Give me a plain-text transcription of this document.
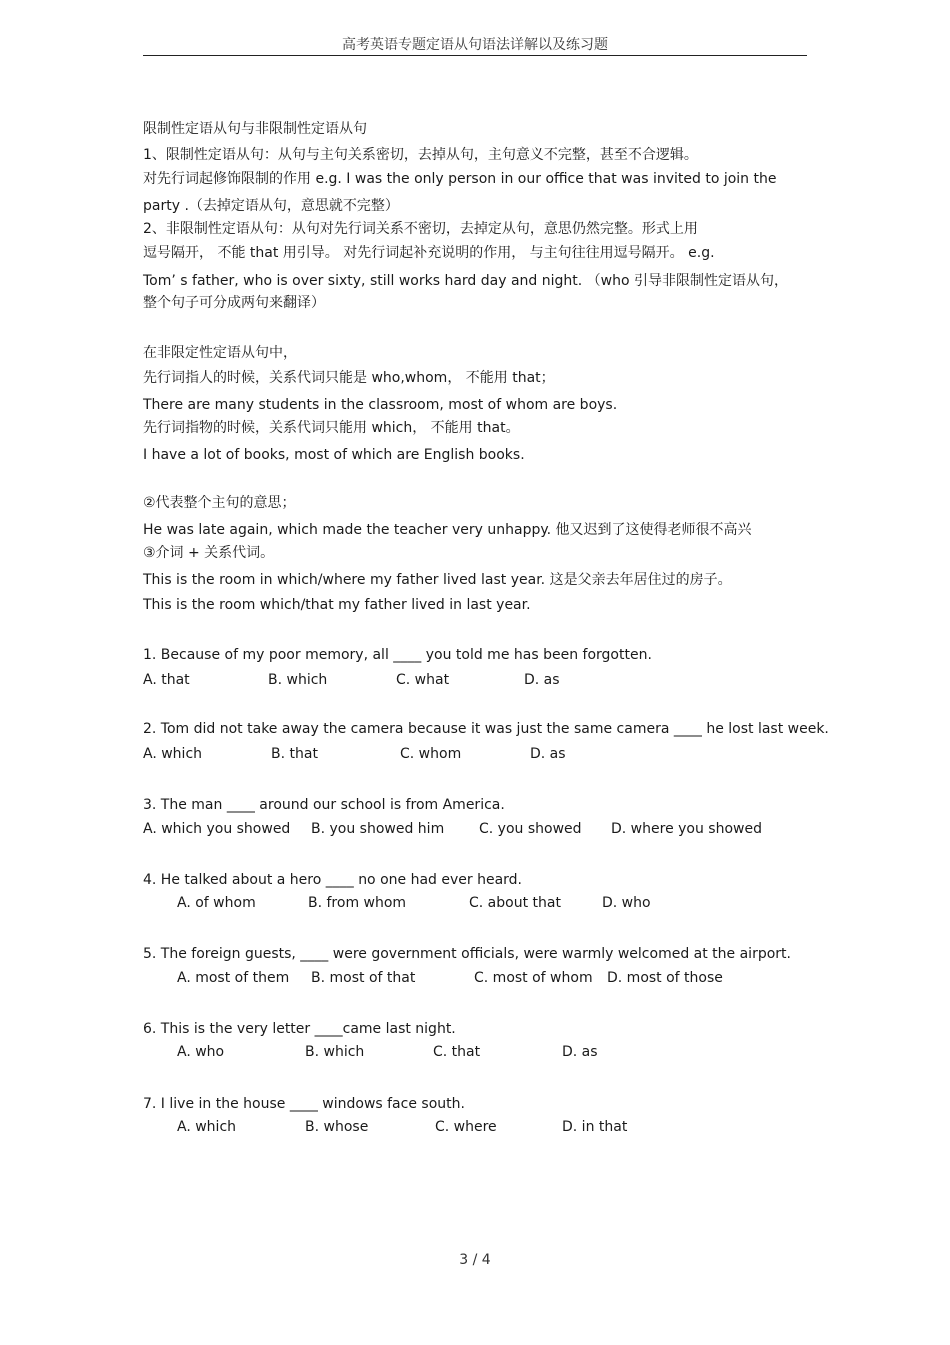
高考英语专题定语从句语法详解以及练习题
限制性定语从句与非限制性定语从句
1、限制性定语从句：从句与主句关系密切，去掉从句，主句意义不完整，甚至不合逻辑。
对先行词起修饰限制的作用 e.g. I was the only person in our office that was invited to join the
party .（去掉定语从句，意思就不完整）
2、非限制性定语从句：从句对先行词关系不密切，去掉定从句，意思仍然完整。形式上用
逗号隔开， 不能 that 用引导。 对先行词起补充说明的作用， 与主句往往用逗号隔开。 e.g.
Tom’ s father, who is over sixty, still works hard day and night. （who 引导非限制性定语从句，
整个句子可分成两句来翻译）
在非限定性定语从句中，
先行词指人的时候，关系代词只能是 who,whom， 不能用 that；
There are many students in the classroom, most of whom are boys.
先行词指物的时候，关系代词只能用 which， 不能用 that。
I have a lot of books, most of which are English books.
②代表整个主句的意思；
He was late again, which made the teacher very unhappy. 他又迟到了这使得老师很不高兴
③介词 + 关系代词。
This is the room in which/where my father lived last year. 这是父亲去年居住过的房子。
This is the room which/that my father lived in last year.
1. Because of my poor memory, all ____ you told me has been forgotten.
A. that	B. which	C. what	D. as
2. Tom did not take away the camera because it was just the same camera ____ he lost last week.
A. which	B. that	C. whom	D. as
3. The man ____ around our school is from America.
A. which you showed B. you showed him C. you showed D. where you showed
4. He talked about a hero ____ no one had ever heard.
A. of whom	B. from whom	C. about that	D. who
5. The foreign guests, ____ were government officials, were warmly welcomed at the airport.
A. most of them B. most of that	C. most of whom D. most of those
6. This is the very letter ____came last night.
A. who	B. which	C. that	D. as
7. I live in the house ____ windows face south.
A. which	B. whose	C. where	D. in that
3 / 4
